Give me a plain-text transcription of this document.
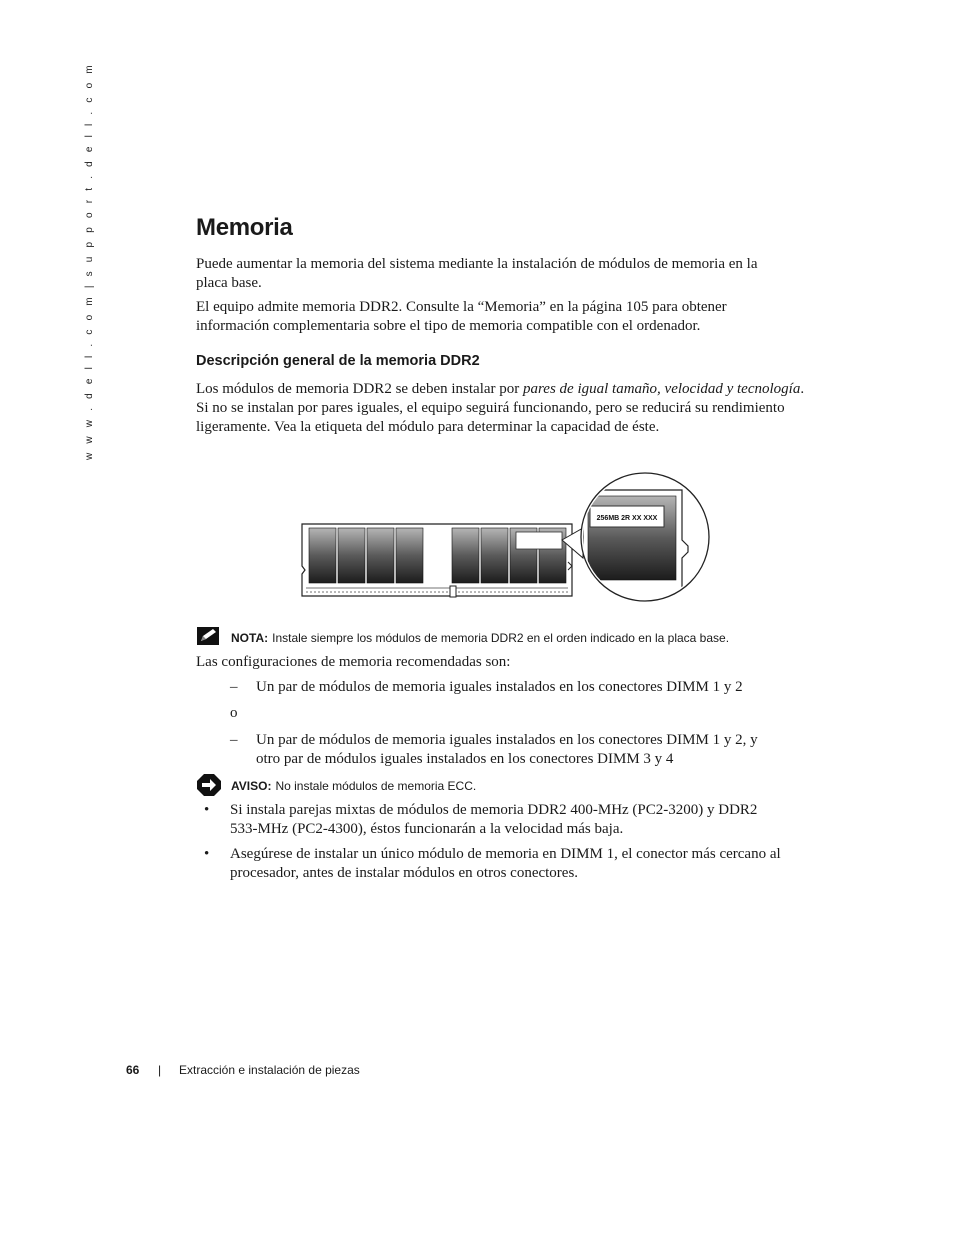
w w w . d e l l . c o m | s u p p o r t . d e l l . c o m	Memoria

Puede aumentar la memoria del sistema mediante la instalación de módulos de memoria en la placa base.

El equipo admite memoria DDR2. Consulte la “Memoria” en la página 105 para obtener información complementaria sobre el tipo de memoria compatible con el ordenador.

Descripción general de la memoria DDR2

Los módulos de memoria DDR2 se deben instalar por pares de igual tamaño, velocidad y tecnología. Si no se instalan por pares iguales, el equipo seguirá funcionando, pero se reducirá su rendimiento ligeramente. Vea la etiqueta del módulo para determinar la capacidad de éste.

256MB 2R XX XXX
NOTA: Instale siempre los módulos de memoria DDR2 en el orden indicado en la placa base.

Las configuraciones de memoria recomendadas son:

– Un par de módulos de memoria iguales instalados en los conectores DIMM 1 y 2
o
– Un par de módulos de memoria iguales instalados en los conectores DIMM 1 y 2, y otro par de módulos iguales instalados en los conectores DIMM 3 y 4
AVISO: No instale módulos de memoria ECC.
• Si instala parejas mixtas de módulos de memoria DDR2 400-MHz (PC2-3200) y DDR2 533-MHz (PC2-4300), éstos funcionarán a la velocidad más baja.
• Asegúrese de instalar un único módulo de memoria en DIMM 1, el conector más cercano al procesador, antes de instalar módulos en otros conectores.
66 | Extracción e instalación de piezas
